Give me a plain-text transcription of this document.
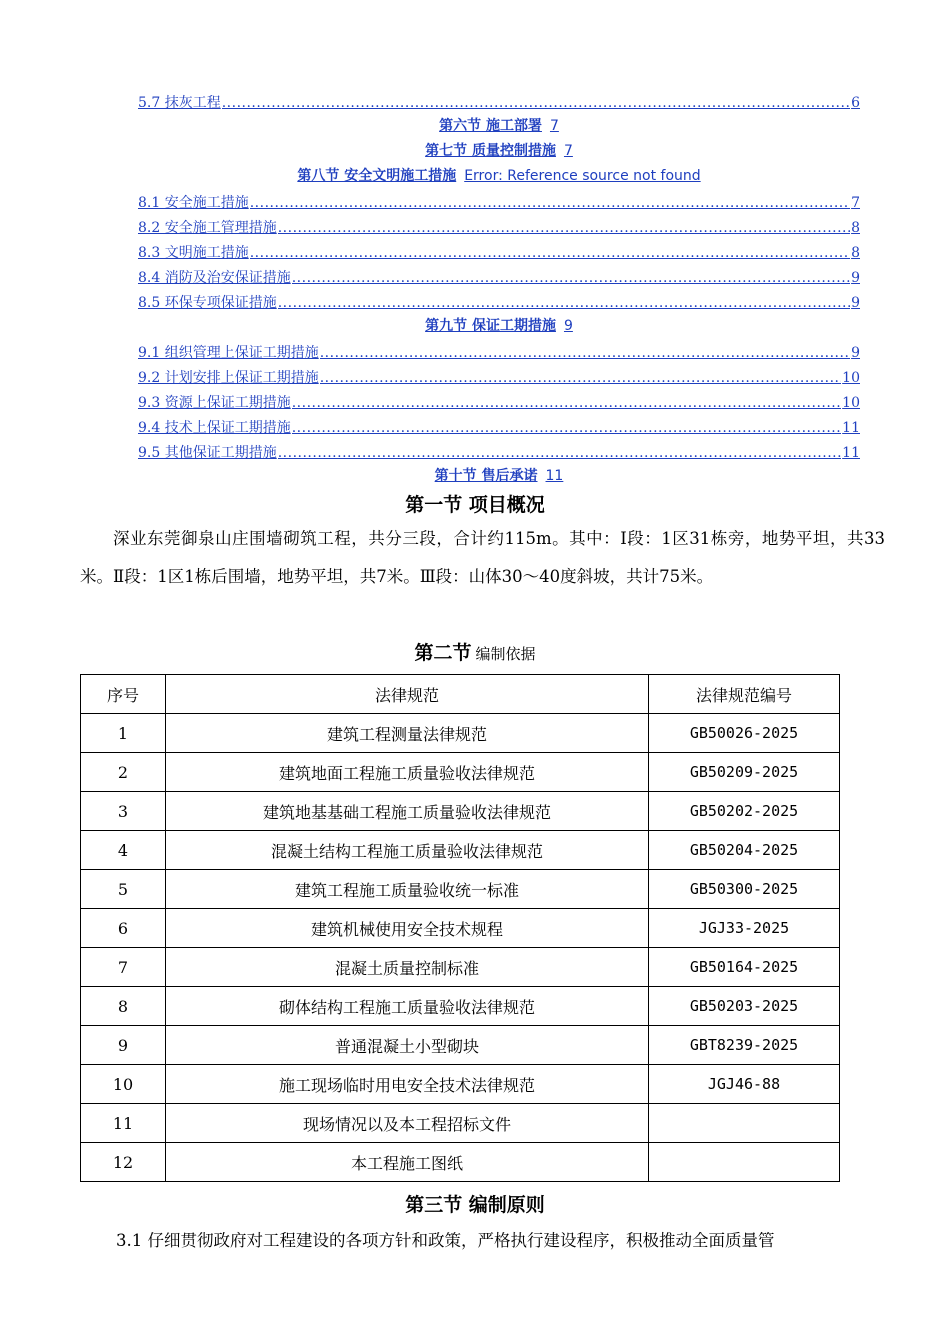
5.7 抹灰工程 .....	6
第六节 施工部署 7
第七节 质量控制措施 7
第八节 安全文明施工措施 Error: Reference source not found
8.1 安全施工措施 .....	7
8.2 安全施工管理措施 .....	8
8.3 文明施工措施 .....	8
8.4 消防及治安保证措施 .....	9
8.5 环保专项保证措施 .....	9
第九节 保证工期措施 9
9.1 组织管理上保证工期措施 .....	9
9.2 计划安排上保证工期措施 .....	10
9.3 资源上保证工期措施 .....	10
9.4 技术上保证工期措施 .....	11
9.5 其他保证工期措施 .....	11
第十节 售后承诺 11
第一节 项目概况
深业东莞御泉山庄围墙砌筑工程，共分三段，合计约115m。其中：Ⅰ段：1区31栋旁，地势平坦，共33米。Ⅱ段：1区1栋后围墙，地势平坦，共7米。Ⅲ段：山体30～40度斜坡，共计75米。
第二节 编制依据
序号	法律规范	法律规范编号
1	建筑工程测量法律规范	GB50026-2025
2	建筑地面工程施工质量验收法律规范	GB50209-2025
3	建筑地基基础工程施工质量验收法律规范	GB50202-2025
4	混凝土结构工程施工质量验收法律规范	GB50204-2025
5	建筑工程施工质量验收统一标准	GB50300-2025
6	建筑机械使用安全技术规程	JGJ33-2025
7	混凝土质量控制标准	GB50164-2025
8	砌体结构工程施工质量验收法律规范	GB50203-2025
9	普通混凝土小型砌块	GBT8239-2025
10	施工现场临时用电安全技术法律规范	JGJ46-88
11	现场情况以及本工程招标文件	
12	本工程施工图纸	
第三节 编制原则
3.1 仔细贯彻政府对工程建设的各项方针和政策，严格执行建设程序，积极推动全面质量管
